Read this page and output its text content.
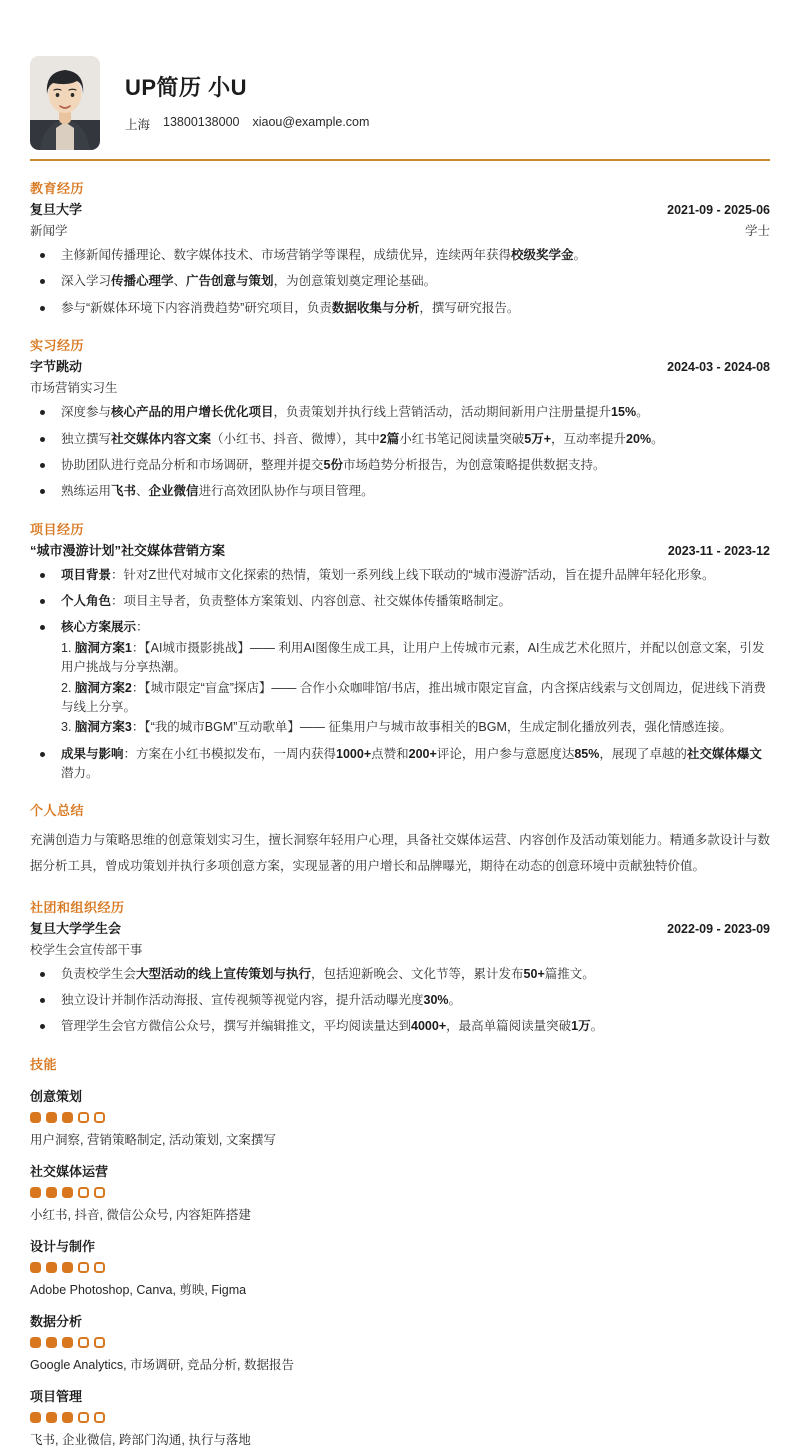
UP简历 小U
上海 13800138000 xiaou@example.com
教育经历
复旦大学	2021-09 - 2025-06
新闻学	学士
主修新闻传播理论、数字媒体技术、市场营销学等课程，成绩优异，连续两年获得校级奖学金。
深入学习传播心理学、广告创意与策划，为创意策划奠定理论基础。
参与“新媒体环境下内容消费趋势”研究项目，负责数据收集与分析，撰写研究报告。
实习经历
字节跳动	2024-03 - 2024-08
市场营销实习生
深度参与核心产品的用户增长优化项目，负责策划并执行线上营销活动，活动期间新用户注册量提升15%。
独立撰写社交媒体内容文案（小红书、抖音、微博），其中2篇小红书笔记阅读量突破5万+，互动率提升20%。
协助团队进行竞品分析和市场调研，整理并提交5份市场趋势分析报告，为创意策略提供数据支持。
熟练运用飞书、企业微信进行高效团队协作与项目管理。
项目经历
“城市漫游计划”社交媒体营销方案	2023-11 - 2023-12
项目背景：针对Z世代对城市文化探索的热情，策划一系列线上线下联动的“城市漫游”活动，旨在提升品牌年轻化形象。
个人角色：项目主导者，负责整体方案策划、内容创意、社交媒体传播策略制定。
核心方案展示：
1. 脑洞方案1：【AI城市摄影挑战】—— 利用AI图像生成工具，让用户上传城市元素，AI生成艺术化照片，并配以创意文案，引发用户挑战与分享热潮。
2. 脑洞方案2：【城市限定“盲盒”探店】—— 合作小众咖啡馆/书店，推出城市限定盲盒，内含探店线索与文创周边，促进线下消费与线上分享。
3. 脑洞方案3：【“我的城市BGM”互动歌单】—— 征集用户与城市故事相关的BGM，生成定制化播放列表，强化情感连接。
成果与影响：方案在小红书模拟发布，一周内获得1000+点赞和200+评论，用户参与意愿度达85%，展现了卓越的社交媒体爆文潜力。
个人总结
充满创造力与策略思维的创意策划实习生，擅长洞察年轻用户心理，具备社交媒体运营、内容创作及活动策划能力。精通多款设计与数据分析工具，曾成功策划并执行多项创意方案，实现显著的用户增长和品牌曝光，期待在动态的创意环境中贡献独特价值。
社团和组织经历
复旦大学学生会	2022-09 - 2023-09
校学生会宣传部干事
负责校学生会大型活动的线上宣传策划与执行，包括迎新晚会、文化节等，累计发布50+篇推文。
独立设计并制作活动海报、宣传视频等视觉内容，提升活动曝光度30%。
管理学生会官方微信公众号，撰写并编辑推文，平均阅读量达到4000+，最高单篇阅读量突破1万。
技能
创意策划
用户洞察, 营销策略制定, 活动策划, 文案撰写
社交媒体运营
小红书, 抖音, 微信公众号, 内容矩阵搭建
设计与制作
Adobe Photoshop, Canva, 剪映, Figma
数据分析
Google Analytics, 市场调研, 竞品分析, 数据报告
项目管理
飞书, 企业微信, 跨部门沟通, 执行与落地
